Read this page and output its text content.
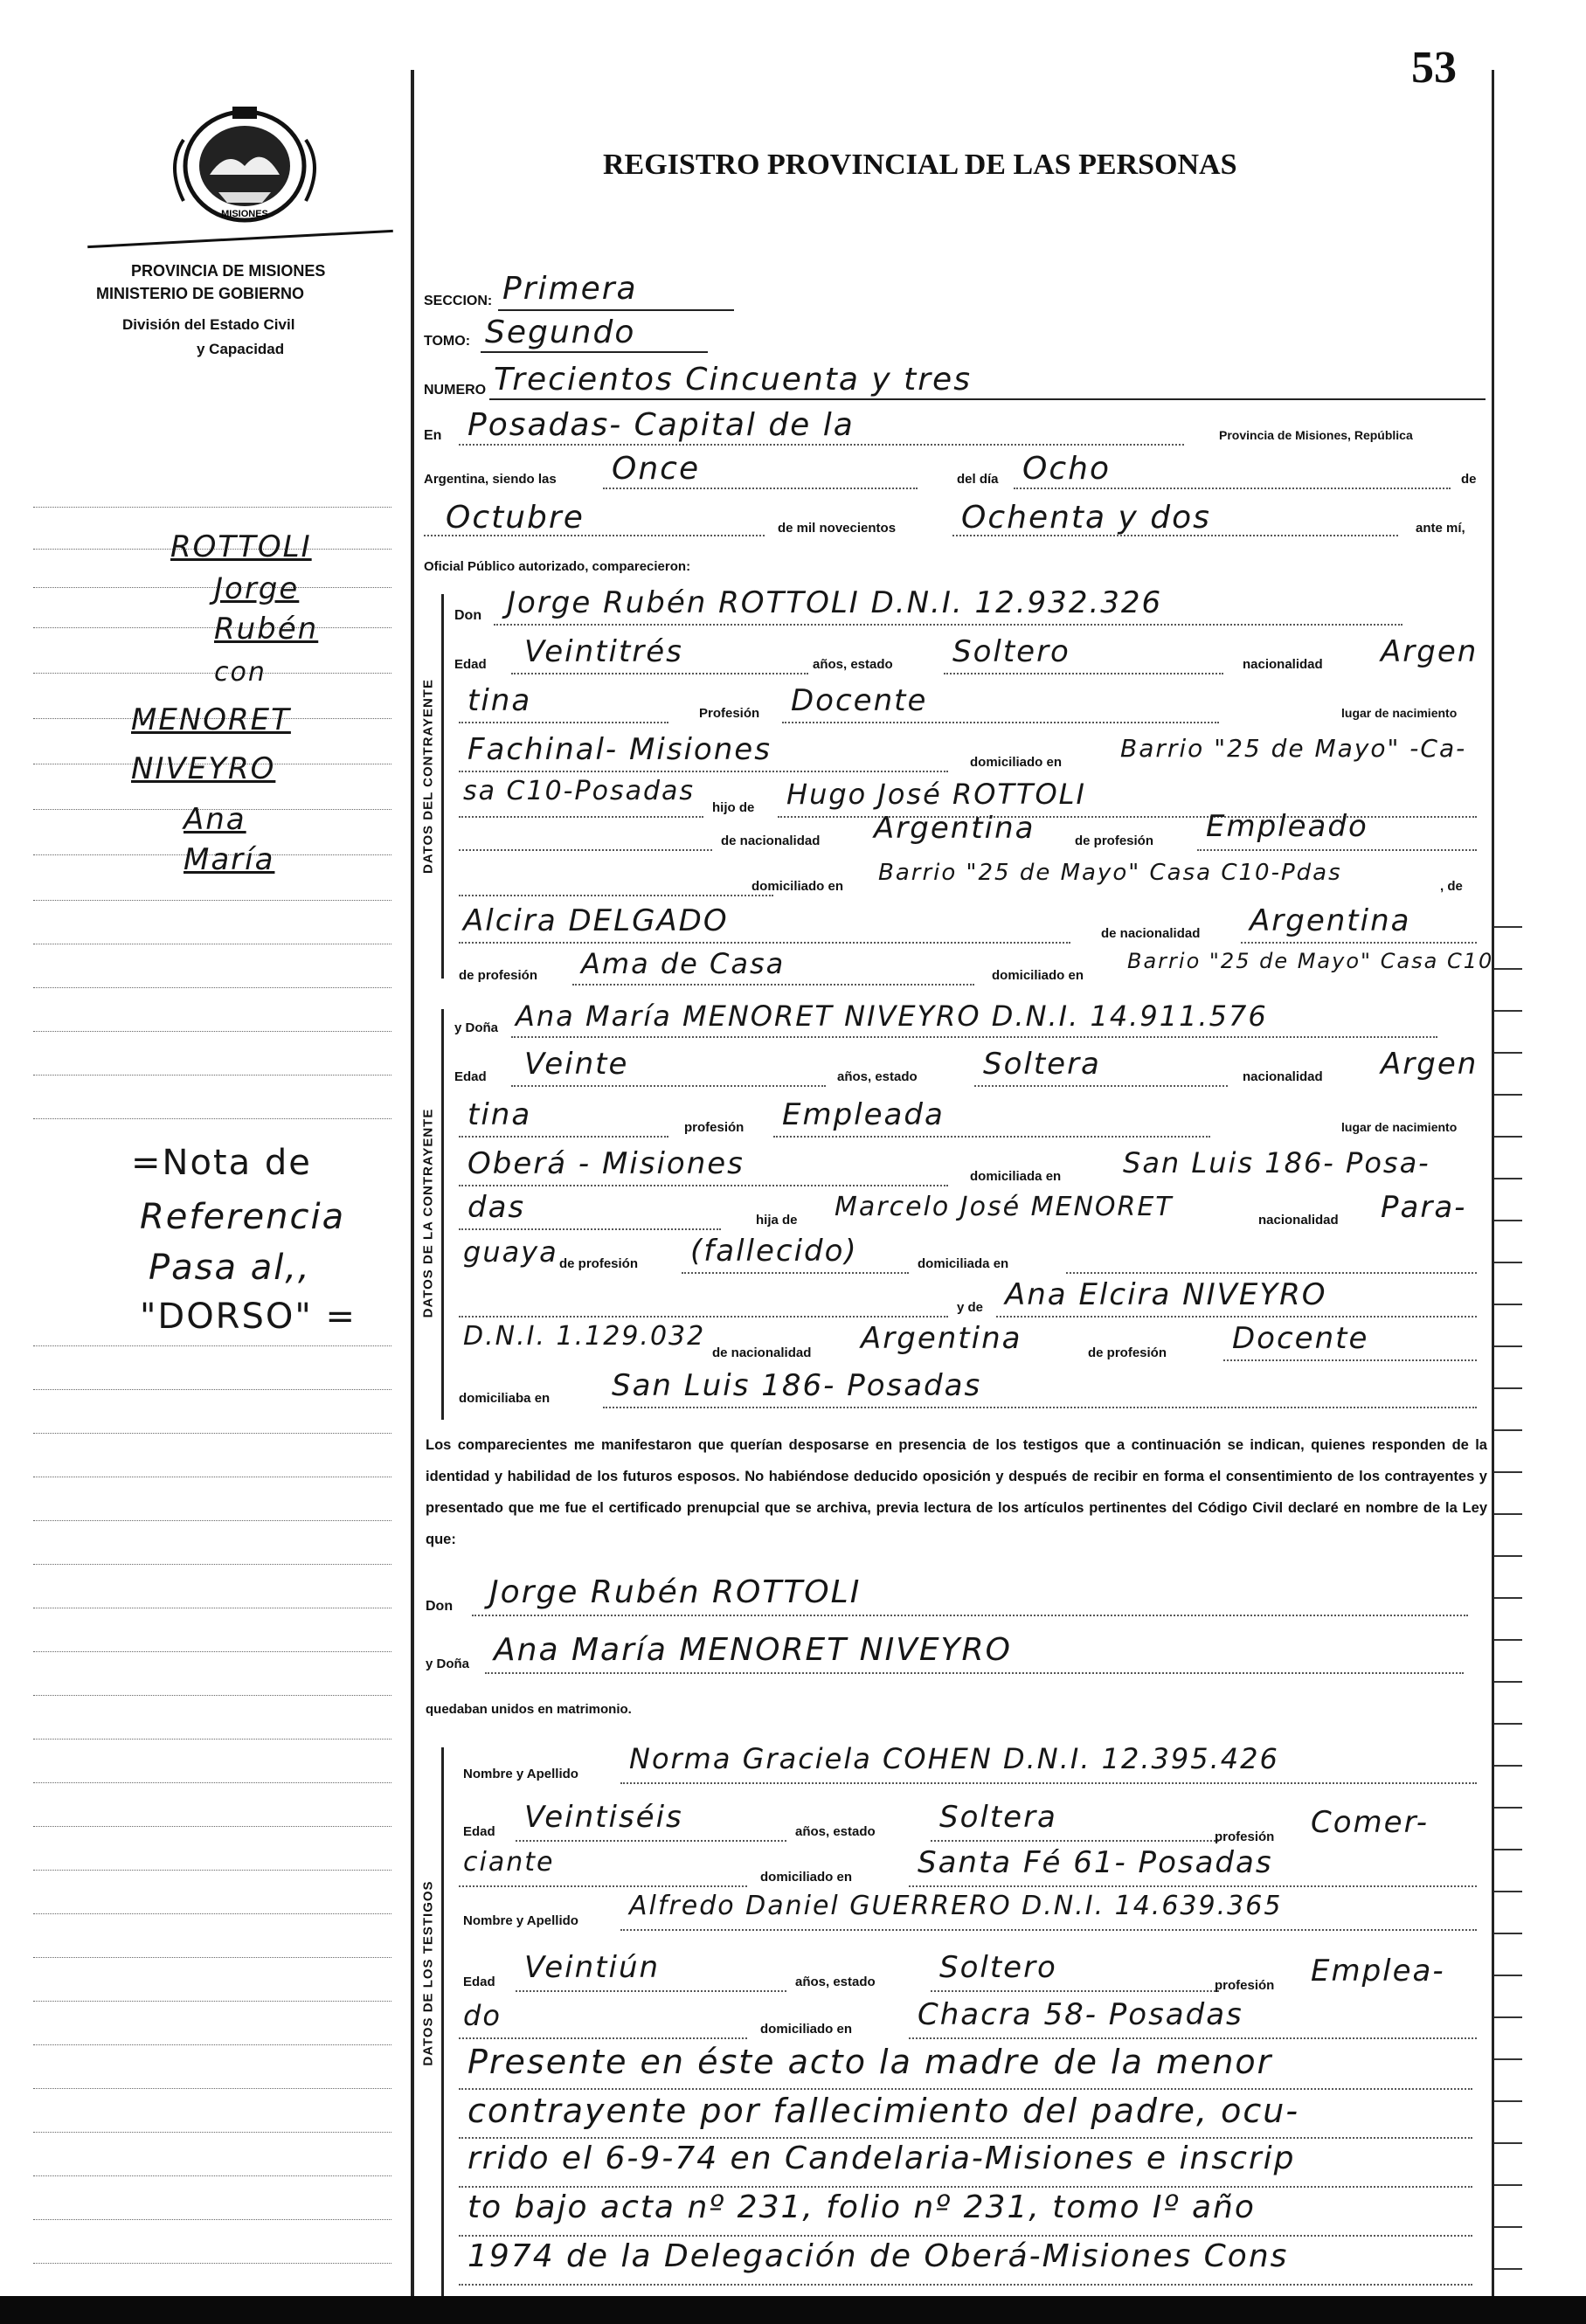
53
MISIONES
PROVINCIA DE MISIONES
MINISTERIO DE GOBIERNO
División del Estado Civil
y Capacidad
REGISTRO PROVINCIAL DE LAS PERSONAS
ROTTOLI
Jorge
Rubén
con
MENORET
NIVEYRO
Ana
María
=Nota de
Referencia
Pasa al,,
"DORSO" =
SECCION: Primera
TOMO: Segundo
NUMERO Trecientos Cincuenta y tres
En Posadas- Capital de la	Provincia de Misiones, República
Argentina, siendo las Once	del día Ocho	de
Octubre	de mil novecientos Ochenta y dos	ante mí,
Oficial Público autorizado, comparecieron:
DATOS DEL CONTRAYENTE
Don Jorge Rubén ROTTOLI D.N.I. 12.932.326
Edad Veintitrés	años, estado Soltero	nacionalidad Argen
tina	Profesión Docente	lugar de nacimiento
Fachinal- Misiones	domiciliado en Barrio "25 de Mayo" -Ca-
sa C10-Posadas
hijo de Hugo José ROTTOLI
de nacionalidad Argentina	de profesión Empleado
domiciliado en
Barrio "25 de Mayo" Casa C10-Pdas
, de
Alcira DELGADO	de nacionalidad Argentina
de profesión Ama de Casa	domiciliado en
Barrio "25 de Mayo" Casa C10
DATOS DE LA CONTRAYENTE
y Doña Ana María MENORET NIVEYRO D.N.I. 14.911.576
Edad Veinte	años, estado Soltera	nacionalidad Argen
tina	profesión Empleada	lugar de nacimiento
Oberá - Misiones	domiciliada en San Luis 186- Posa-
das	hija de Marcelo José MENORET	nacionalidad Para-
guaya de profesión (fallecido)	domiciliada en
y de Ana Elcira NIVEYRO
D.N.I. 1.129.032
de nacionalidad Argentina	de profesión Docente
domiciliaba en San Luis 186- Posadas
Los comparecientes me manifestaron que querían desposarse en presencia de los testigos que a continuación se indican, quienes responden de la identidad y habilidad de los futuros esposos. No habiéndose deducido oposición y después de recibir en forma el consentimiento de los contrayentes y presentado que me fue el certificado prenupcial que se archiva, previa lectura de los artículos pertinentes del Código Civil declaré en nombre de la Ley que:
Don Jorge Rubén ROTTOLI
y Doña Ana María MENORET NIVEYRO
quedaban unidos en matrimonio.
DATOS DE LOS TESTIGOS
Nombre y Apellido Norma Graciela COHEN D.N.I. 12.395.426
Edad Veintiséis	años, estado Soltera
profesión Comer-
ciante	domiciliado en Santa Fé 61- Posadas
Nombre y Apellido Alfredo Daniel GUERRERO D.N.I. 14.639.365
Edad Veintiún	años, estado Soltero
profesión Emplea-
do	domiciliado en Chacra 58- Posadas
Presente en éste acto la madre de la menor
contrayente por fallecimiento del padre, ocu-
rrido el 6-9-74 en Candelaria-Misiones e inscrip
to bajo acta nº 231, folio nº 231, tomo Iº año
1974 de la Delegación de Oberá-Misiones Cons
